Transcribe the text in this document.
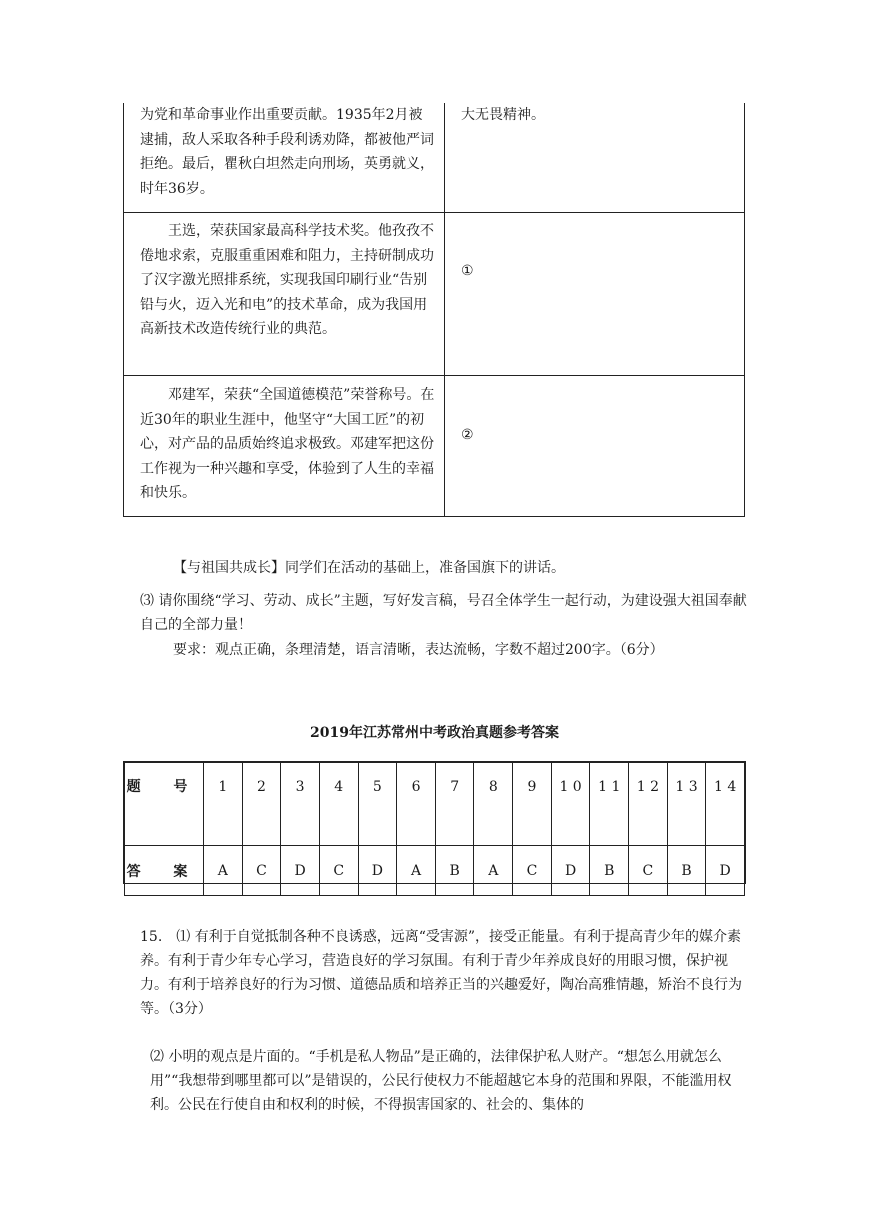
为党和革命事业作出重要贡献。1935年2月被逮捕，敌人采取各种手段利诱劝降，都被他严词拒绝。最后，瞿秋白坦然走向刑场，英勇就义，时年36岁。
大无畏精神。
王选，荣获国家最高科学技术奖。他孜孜不倦地求索，克服重重困难和阻力，主持研制成功了汉字激光照排系统，实现我国印刷行业“告别铅与火，迈入光和电”的技术革命，成为我国用高新技术改造传统行业的典范。
①
邓建军，荣获“全国道德模范”荣誉称号。在近30年的职业生涯中，他坚守“大国工匠”的初心，对产品的品质始终追求极致。邓建军把这份工作视为一种兴趣和享受，体验到了人生的幸福和快乐。
②
【与祖国共成长】同学们在活动的基础上，准备国旗下的讲话。
⑶ 请你围绕“学习、劳动、成长”主题，写好发言稿，号召全体学生一起行动，为建设强大祖国奉献自己的全部力量！
要求：观点正确，条理清楚，语言清晰，表达流畅，字数不超过200字。（6分）
2019年江苏常州中考政治真题参考答案
题 号	1	2	3	4	5	6	7	8	9	1 0	1 1	1 2	1 3	1 4
答 案	A	C	D	C	D	A	B	A	C	D	B	C	B	D
15.　⑴ 有利于自觉抵制各种不良诱惑，远离“受害源”，接受正能量。有利于提高青少年的媒介素养。有利于青少年专心学习，营造良好的学习氛围。有利于青少年养成良好的用眼习惯，保护视力。有利于培养良好的行为习惯、道德品质和培养正当的兴趣爱好，陶冶高雅情趣，矫治不良行为等。（3分）
⑵ 小明的观点是片面的。“手机是私人物品”是正确的，法律保护私人财产。“想怎么用就怎么用”“我想带到哪里都可以”是错误的，公民行使权力不能超越它本身的范围和界限，不能滥用权利。公民在行使自由和权利的时候，不得损害国家的、社会的、集体的
